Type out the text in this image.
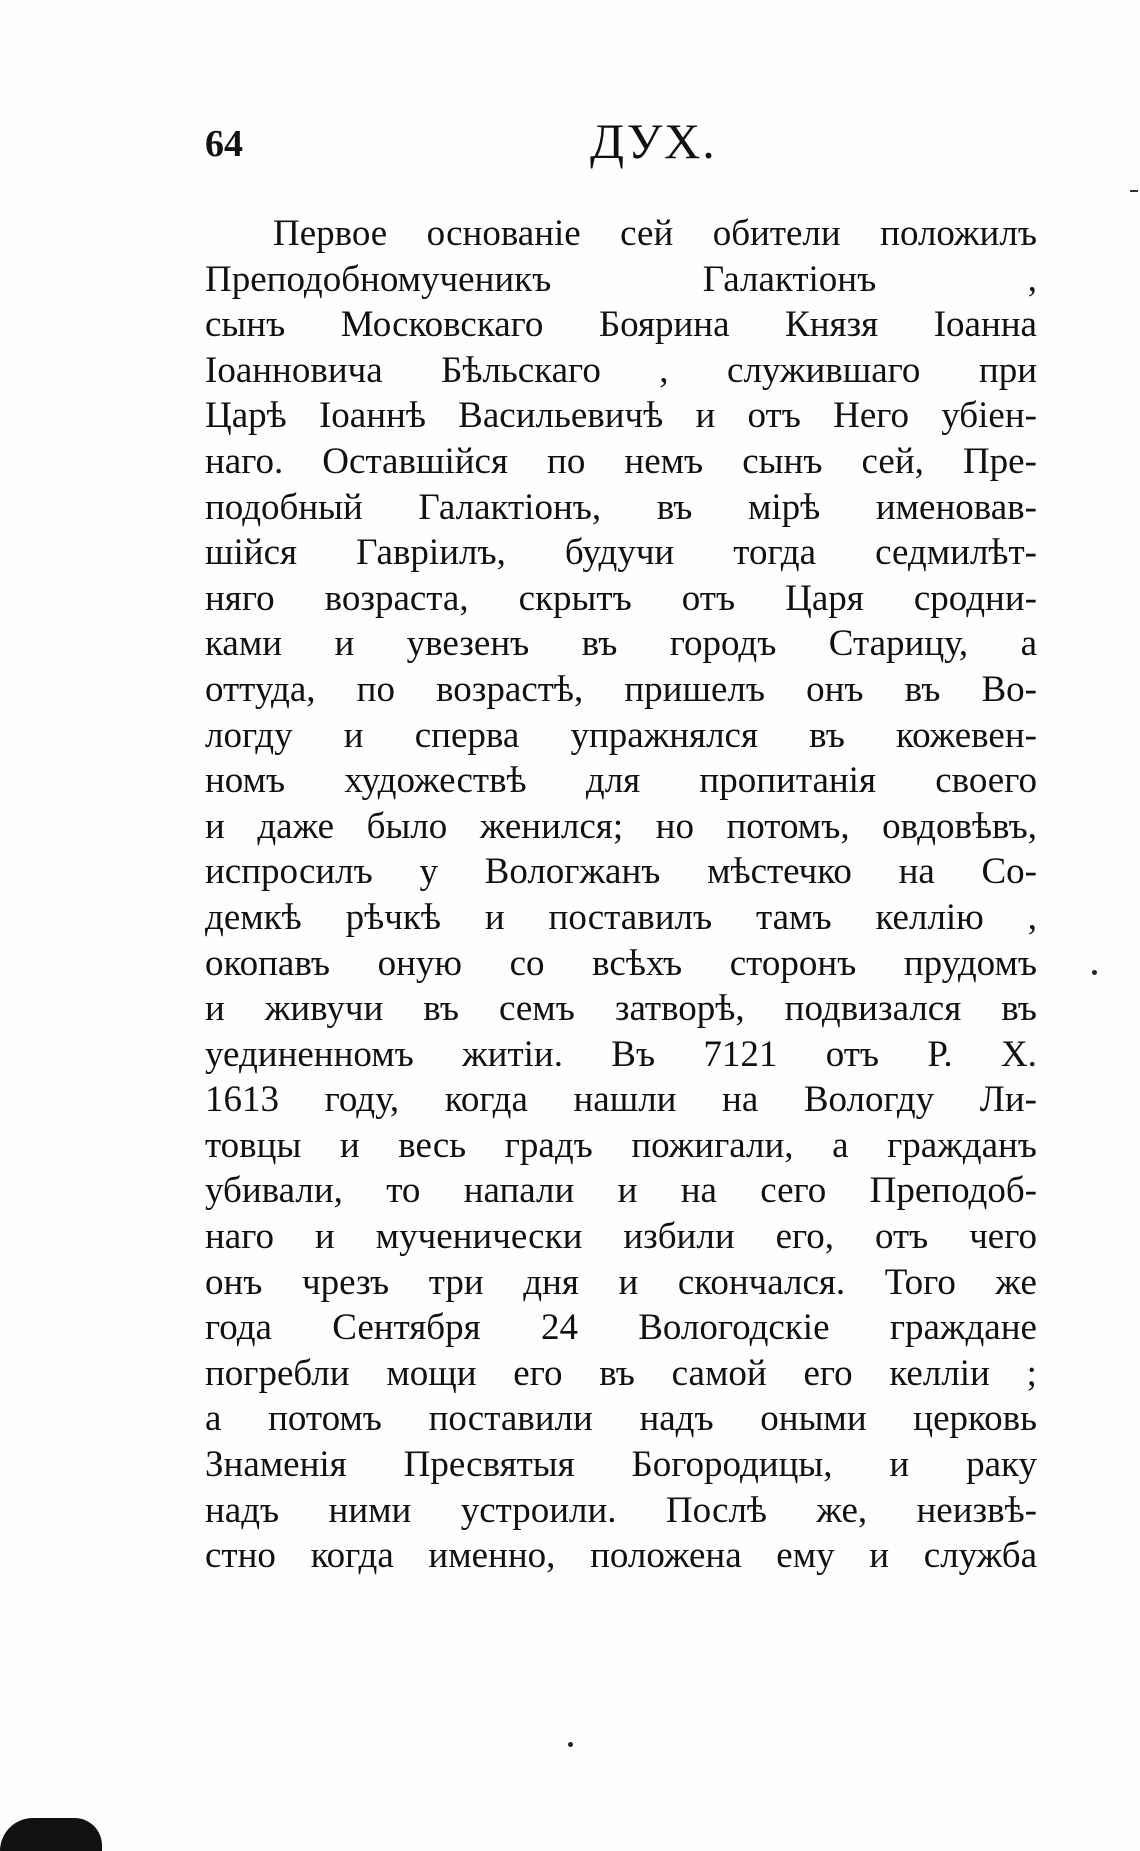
64	ДУХ.
Первое основаніе сей обители положилъ
Преподобномученикъ	Галактіонъ	,
сынъ Московскаго Боярина Князя Іоанна
Іоанновича Бѣльскаго , служившаго при
Царѣ Іоаннѣ Васильевичѣ и отъ Него убіен-
наго. Оставшійся по немъ сынъ сей, Пре-
подобный Галактіонъ, въ мірѣ именовав-
шійся Гавріилъ, будучи тогда седмилѣт-
няго возраста, скрытъ отъ Царя сродни-
ками и увезенъ въ городъ Старицу, а
оттуда, по возрастѣ, пришелъ онъ въ Во-
логду и сперва упражнялся въ кожевен-
номъ художествѣ для пропитанія своего
и даже было женился; но потомъ, овдовѣвъ,
испросилъ у Вологжанъ мѣстечко на Со-
демкѣ рѣчкѣ и поставилъ тамъ келлію ,
окопавъ оную со всѣхъ сторонъ прудомъ
и живучи въ семъ затворѣ, подвизался въ
уединенномъ житіи. Въ 7121 отъ Р. Х.
1613 году, когда нашли на Вологду Ли-
товцы и весь градъ пожигали, а гражданъ
убивали, то напали и на сего Преподоб-
наго и мученически избили его, отъ чего
онъ чрезъ три дня и скончался. Того же
года Сентября 24 Вологодскіе граждане
погребли мощи его въ самой его келліи ;
а потомъ поставили надъ оными церковь
Знаменія Пресвятыя Богородицы, и раку
надъ ними устроили. Послѣ же, неизвѣ-
стно когда именно, положена ему и служба
